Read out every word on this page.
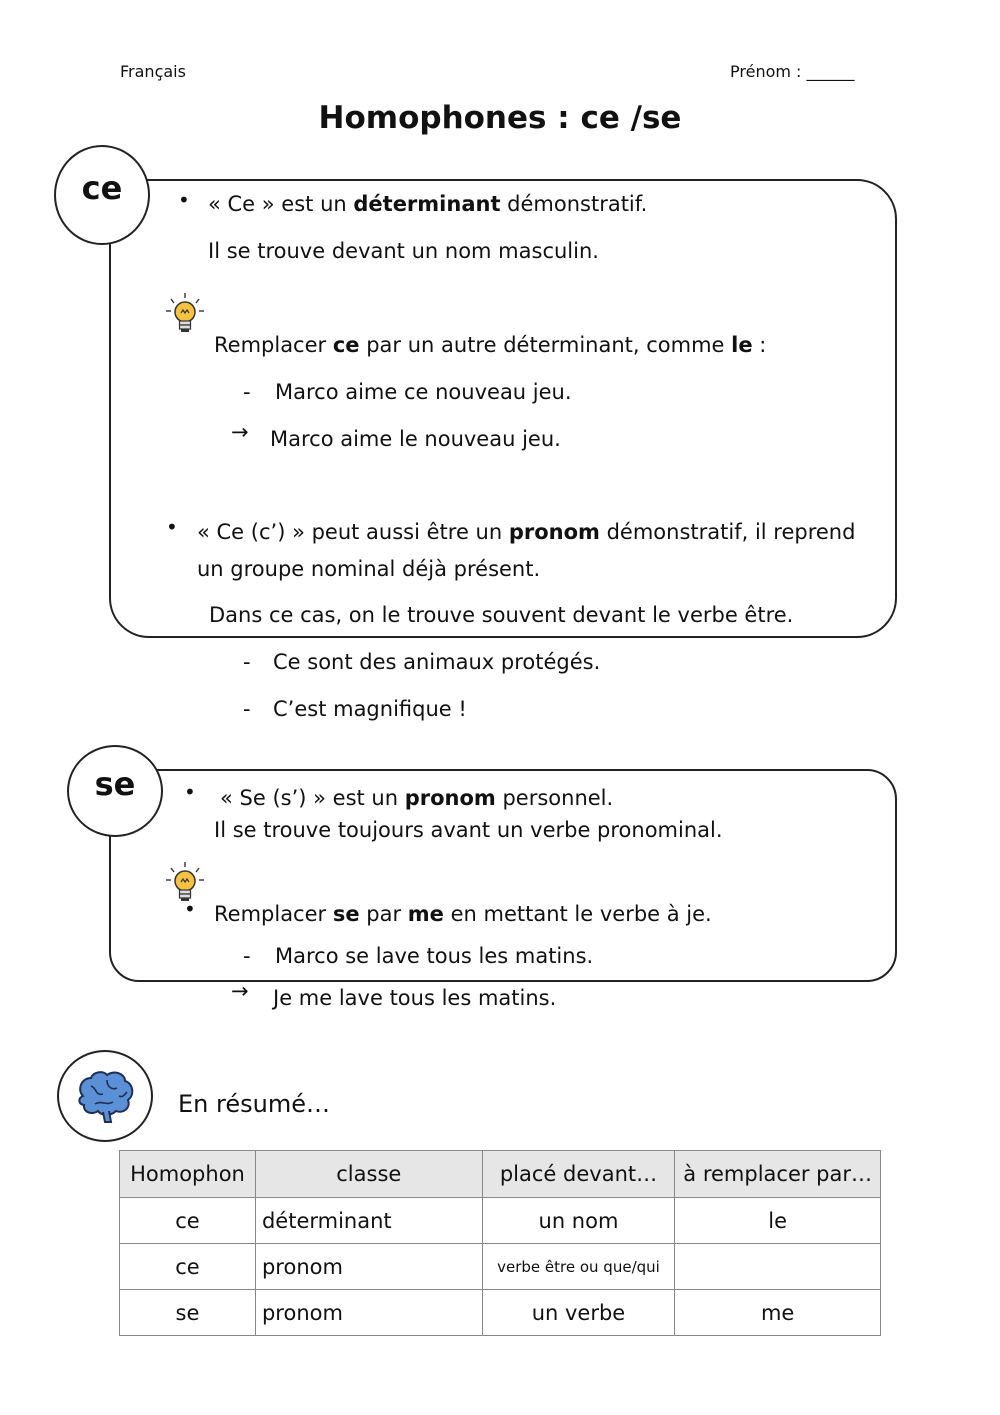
Français	Prénom : ______
Homophones : ce /se
ce	• « Ce » est un déterminant démonstratif.
Il se trouve devant un nom masculin.
Remplacer ce par un autre déterminant, comme le :
- Marco aime ce nouveau jeu.
→ Marco aime le nouveau jeu.
• « Ce (c’) » peut aussi être un pronom démonstratif, il reprend
un groupe nominal déjà présent.
Dans ce cas, on le trouve souvent devant le verbe être.
- Ce sont des animaux protégés.
- C’est magnifique !
se • « Se (s’) » est un pronom personnel.
Il se trouve toujours avant un verbe pronominal.
• Remplacer se par me en mettant le verbe à je.
- Marco se lave tous les matins.
→ Je me lave tous les matins.
En résumé…
Homophon	classe	placé devant…	à remplacer par…
ce	déterminant	un nom	le
ce	pronom	verbe être ou que/qui	
se	pronom	un verbe	me
